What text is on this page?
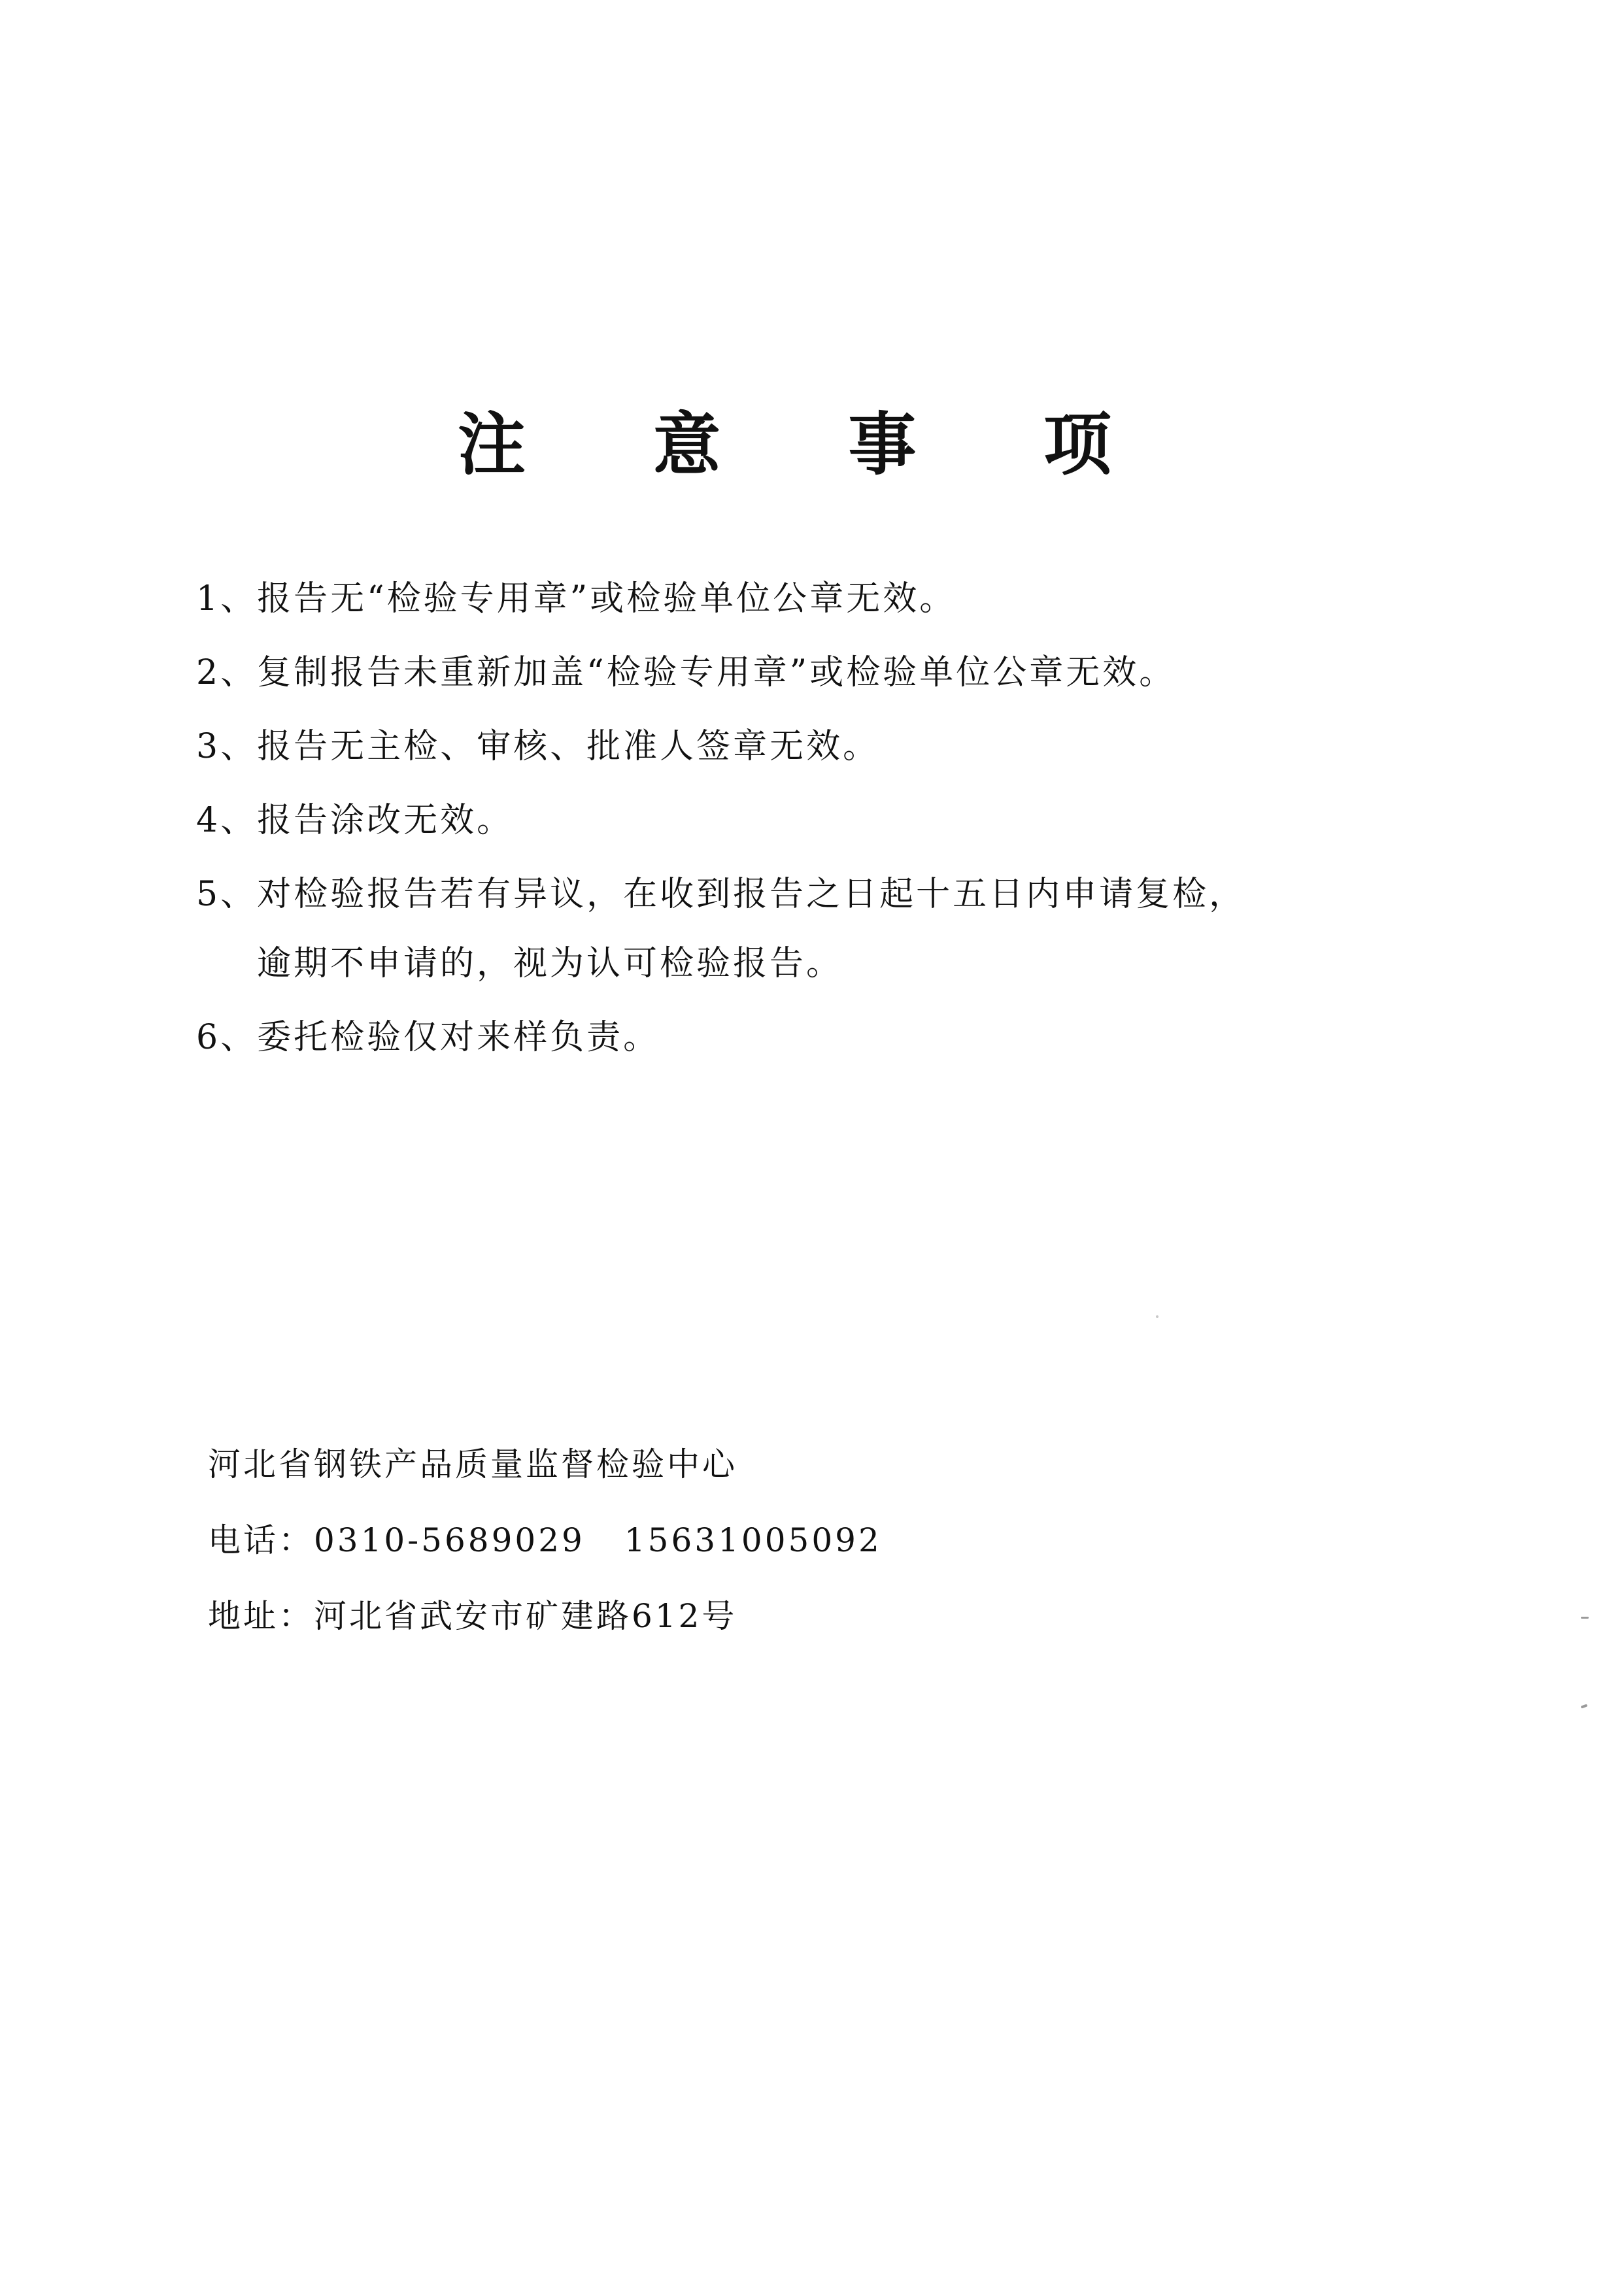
注 意 事 项
1、报告无“检验专用章”或检验单位公章无效。
2、复制报告未重新加盖“检验专用章”或检验单位公章无效。
3、报告无主检、审核、批准人签章无效。
4、报告涂改无效。
5、对检验报告若有异议，在收到报告之日起十五日内申请复检，
逾期不申请的，视为认可检验报告。
6、委托检验仅对来样负责。
河北省钢铁产品质量监督检验中心
电话：0310-5689029 15631005092
地址：河北省武安市矿建路612号
